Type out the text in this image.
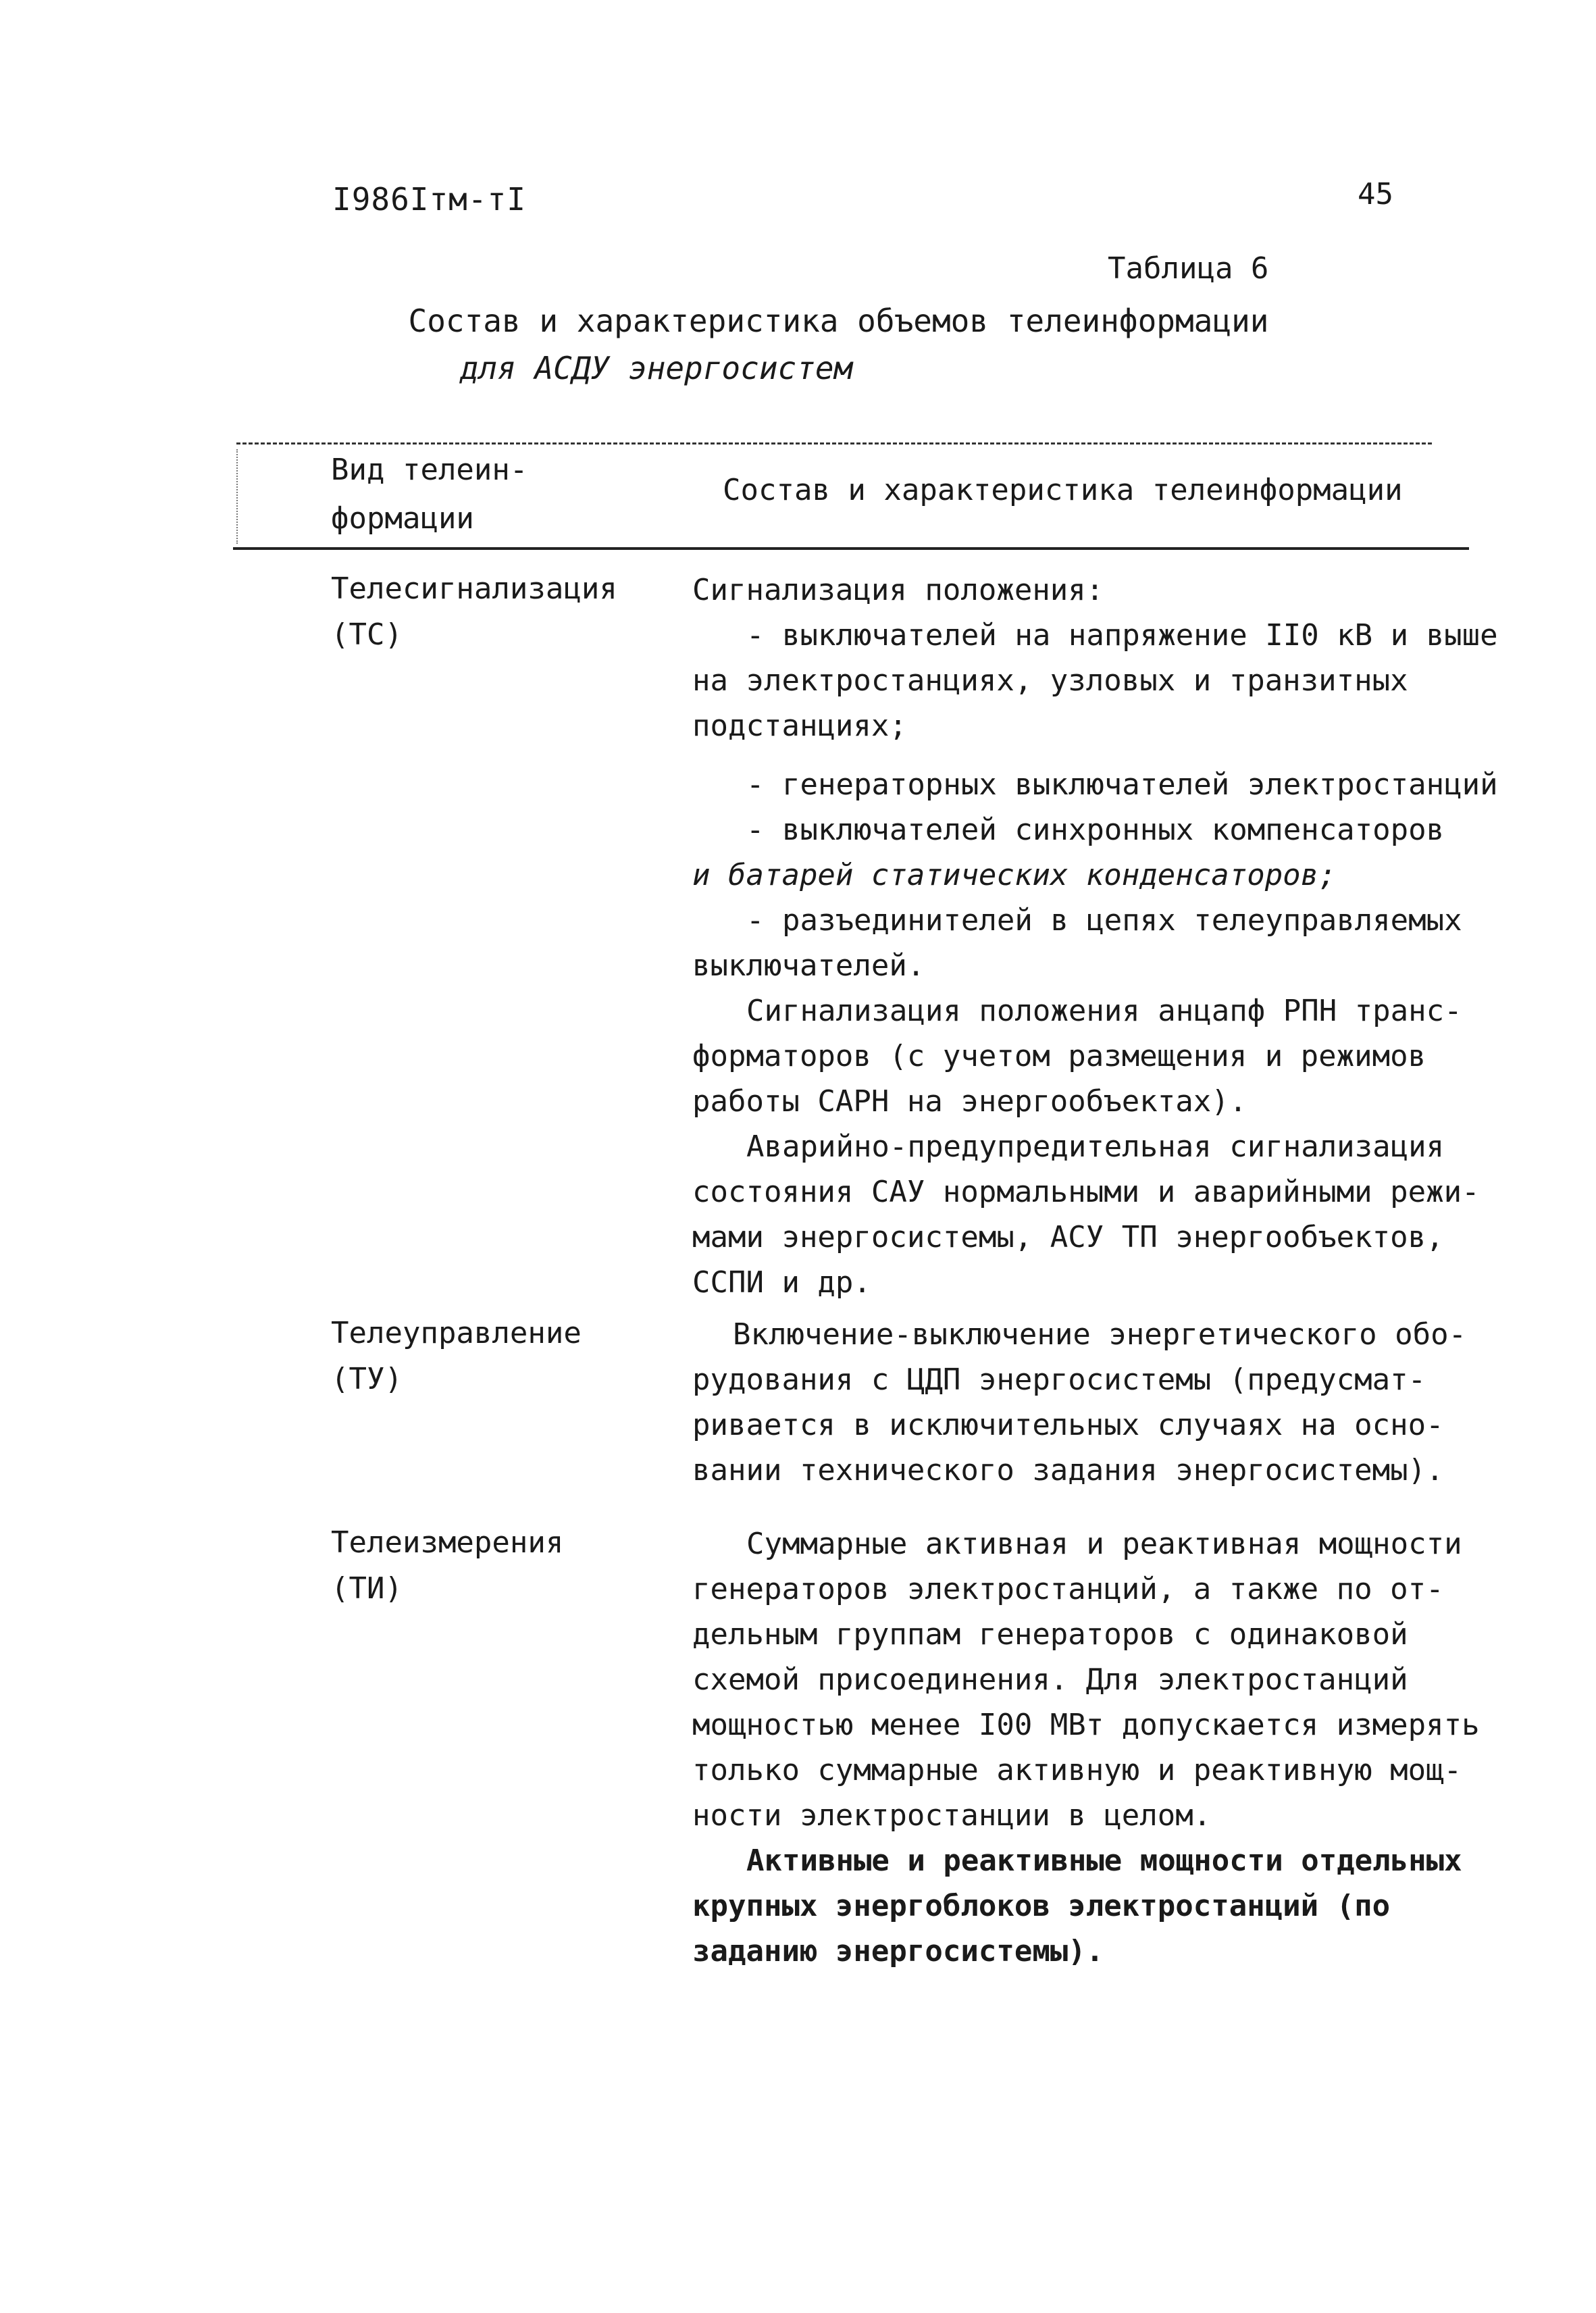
I986Iтм-тI	45
Таблица 6
Состав и характеристика объемов телеинформации
для АСДУ энергосистем
Вид телеин-
формации
Состав и характеристика телеинформации
Телесигнализация
(ТС)

Сигнализация положения:

- выключателей на напряжение II0 кВ и выше

на электростанциях, узловых и транзитных

подстанциях;

- генераторных выключателей электростанций

- выключателей синхронных компенсаторов

и батарей статических конденсаторов;

- разъединителей в цепях телеуправляемых

выключателей.

Сигнализация положения анцапф РПН транс-

форматоров (с учетом размещения и режимов

работы САРН на энергообъектах).

Аварийно-предупредительная сигнализация

состояния САУ нормальными и аварийными режи-

мами энергосистемы, АСУ ТП энергообъектов,

ССПИ и др.

Телеуправление
(ТУ)

Включение-выключение энергетического обо-

рудования с ЦДП энергосистемы (предусмат-

ривается в исключительных случаях на осно-

вании технического задания энергосистемы).

Телеизмерения
(ТИ)

Суммарные активная и реактивная мощности

генераторов электростанций, а также по от-

дельным группам генераторов с одинаковой

схемой присоединения. Для электростанций

мощностью менее I00 МВт допускается измерять

только суммарные активную и реактивную мощ-

ности электростанции в целом.

Активные и реактивные мощности отдельных

крупных энергоблоков электростанций (по

заданию энергосистемы).
